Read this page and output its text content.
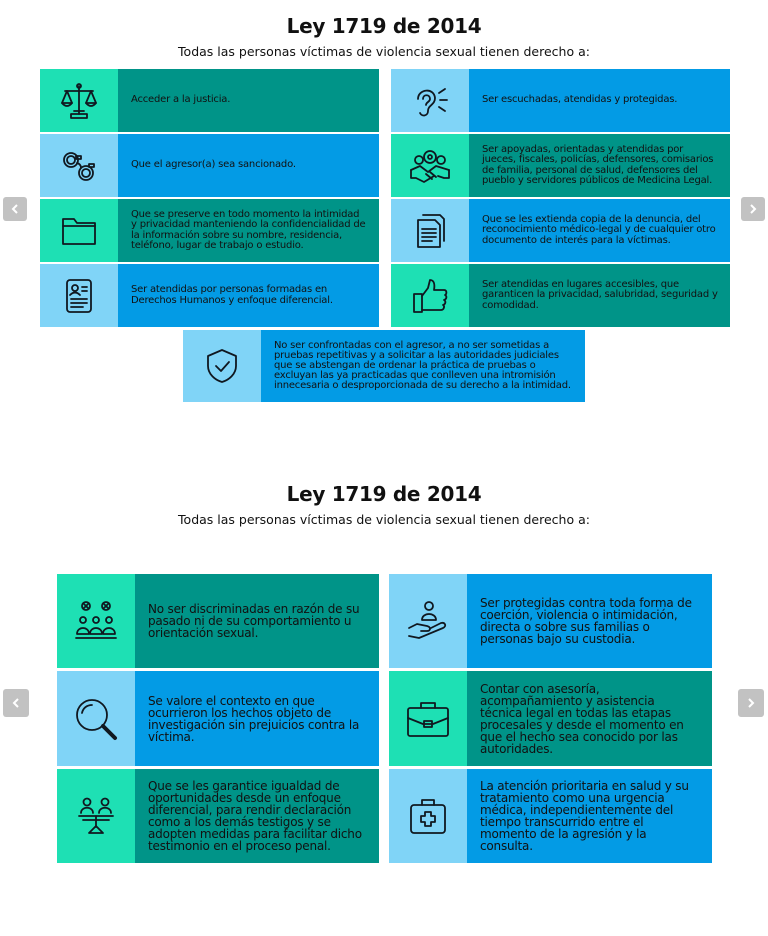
Ley 1719 de 2014
Todas las personas víctimas de violencia sexual tienen derecho a:
Acceder a la justicia.	Ser escuchadas, atendidas y protegidas.
Que el agresor(a) sea sancionado.
Ser apoyadas, orientadas y atendidas por jueces, fiscales, policías, defensores, comisarios de familia, personal de salud, defensores del pueblo y servidores públicos de Medicina Legal.
Que se preserve en todo momento la intimidad y privacidad manteniendo la confidencialidad de la información sobre su nombre, residencia, teléfono, lugar de trabajo o estudio.
Que se les extienda copia de la denuncia, del reconocimiento médico-legal y de cualquier otro documento de interés para la víctimas.
Ser atendidas por personas formadas en Derechos Humanos y enfoque diferencial.
Ser atendidas en lugares accesibles, que garanticen la privacidad, salubridad, seguridad y comodidad.
No ser confrontadas con el agresor, a no ser sometidas a pruebas repetitivas y a solicitar a las autoridades judiciales que se abstengan de ordenar la práctica de pruebas o excluyan las ya practicadas que conlleven una intromisión innecesaria o desproporcionada de su derecho a la intimidad.
Ley 1719 de 2014
Todas las personas víctimas de violencia sexual tienen derecho a:
No ser discriminadas en razón de su pasado ni de su comportamiento u orientación sexual.
Ser protegidas contra toda forma de coerción, violencia o intimidación, directa o sobre sus familias o personas bajo su custodia.
Se valore el contexto en que ocurrieron los hechos objeto de investigación sin prejuicios contra la víctima.
Contar con asesoría, acompañamiento y asistencia técnica legal en todas las etapas procesales y desde el momento en que el hecho sea conocido por las autoridades.
Que se les garantice igualdad de oportunidades desde un enfoque diferencial, para rendir declaración como a los demás testigos y se adopten medidas para facilitar dicho testimonio en el proceso penal.
La atención prioritaria en salud y su tratamiento como una urgencia médica, independientemente del tiempo transcurrido entre el momento de la agresión y la consulta.
